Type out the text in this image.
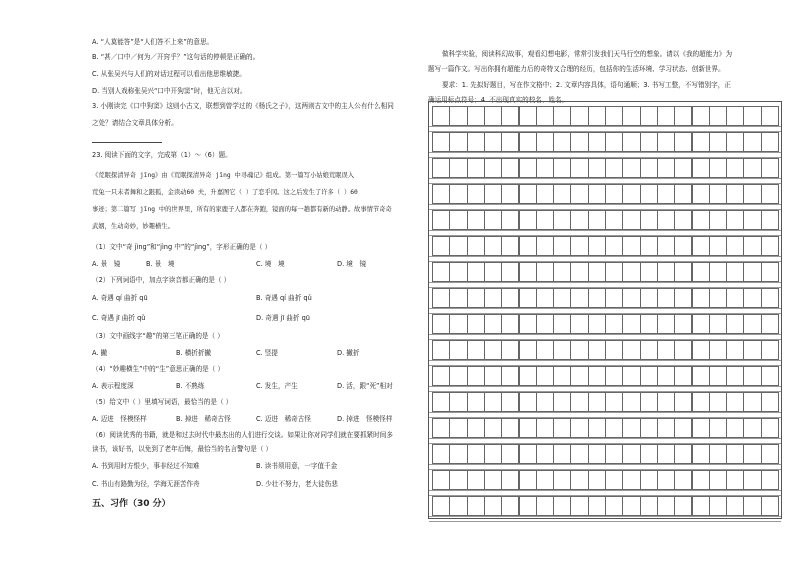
A. “人莫能答”是“人们答不上来”的意思。

B. “甚／口中／何为／开窍乎？”这句话的停顿是正确的。

C. 从张吴兴与人们的对话过程可以看出他思维敏捷。

D. 当别人戏称张吴兴“口中开狗窦”时，他无言以对。

3. 小刚读完《口中狗窦》这则小古文，联想到曾学过的《杨氏之子》，这两则古文中的主人公有什么相同

之处？请结合文章具体分析。

23. 阅读下面的文字，完成第（1）～（6）题。

《荒眠探清异奇 jīng》由《荒眠探清异奇 jīng 中寻魂记》组成。第一篇写小姑娘荒眠误入

荒兔一只未者舞和之跟狐，金读动60 夫，升嘉图它（ ）了恋乎冈。这之后发生了许多（ ）60

事迹；第二篇写 jīng 中的世界里，所有的家鹿子人都在奔跑，镜面的每一趟都有新的动静。故事情节奇奇

武姻，生动奇妙，妙趣横生。

（1）文中“奇 jìng”和“jìng 中”的“jìng”，字形正确的是（ ）

A. 景　镜	B. 景　境	C. 境　境	D. 境　镜

（2）下列词语中，加点字读音都正确的是（ ）

A. 奇遇 qí 曲折 qū	B. 奇遇 qí 曲折 qǔ
C. 奇遇 jī 曲折 qǔ	D. 奇遇 jī 曲折 qū

（3）文中画线字“趣”的第三笔正确的是（ ）

A. 撇	B. 横折折撇	C. 竖提	D. 撇折

（4）“妙趣横生”中的“生”意思正确的是（ ）

A. 表示程度深	B. 不熟练	C. 发生，产生	D. 活，跟“死”相对

（5）给文中（ ）里填写词语，最恰当的是（ ）

A. 迈进　怪模怪样	B. 掉进　稀奇古怪	C. 迈进　稀奇古怪	D. 掉进　怪模怪样

（6）阅读优秀的书籍，就是和过去时代中最杰出的人们进行交谈。如果让你对同学们就在要抓紧时间多

读书，该好书，以免到了老年后悔，最恰当的名言警句是（ ）

A. 书到用时方恨少，事非经过不知难	B. 读书须用意，一字值千金
C. 书山有路勤为径，学海无涯苦作舟	D. 少壮不努力，老大徒伤悲
五、习作（30 分）

做科学实验，阅读科幻故事，观看幻想电影，常常引发我们天马行空的想象。请以《我的超能力》为

题写一篇作文。写出你拥有超能力后的奇特又合理的经历，包括你的生活环境、学习状态、创新世界。

要求：1. 先拟好题目，写在作文格中；2. 文章内容具体，语句通顺；3. 书写工整，不写错别字，正

确运用标点符号；4. 不出现真实的校名、姓名。
